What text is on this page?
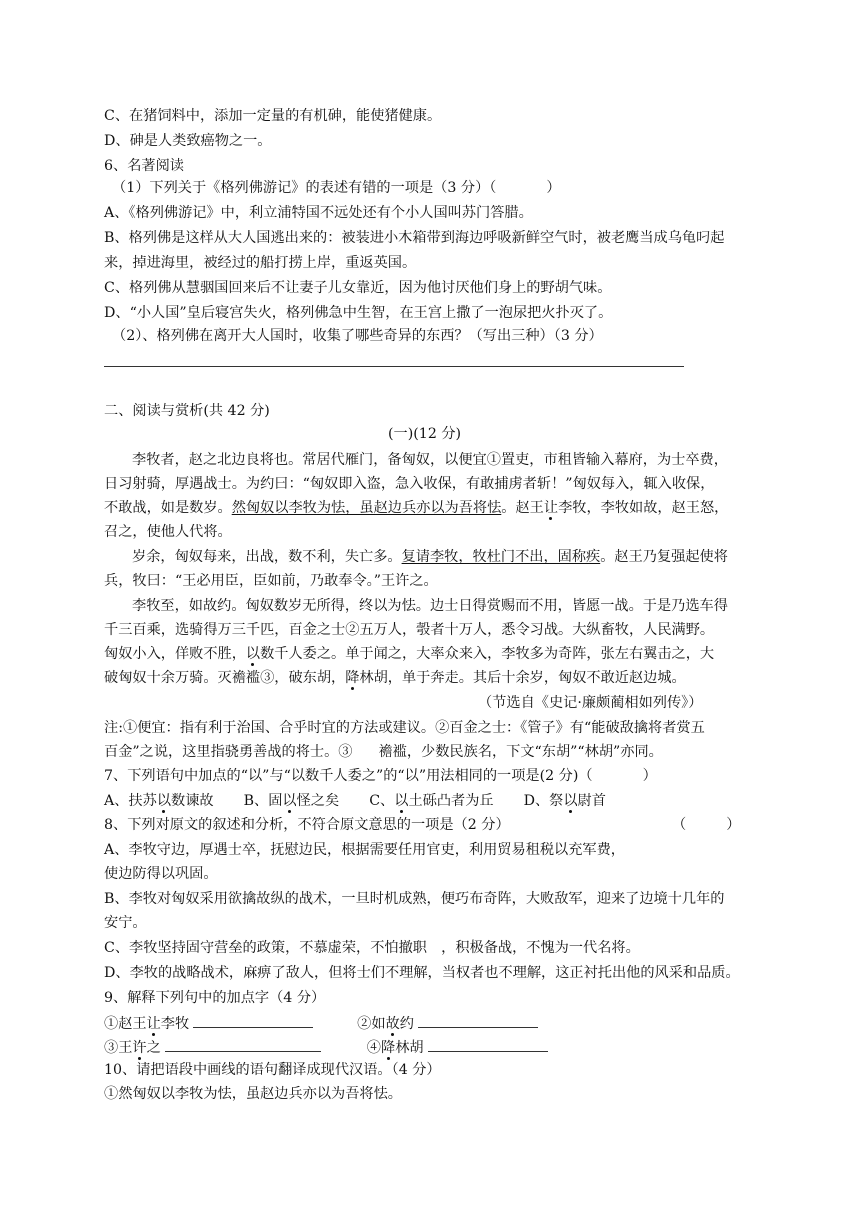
C、在猪饲料中，添加一定量的有机砷，能使猪健康。
D、砷是人类致癌物之一。
6、名著阅读
（1）下列关于《格列佛游记》的表述有错的一项是（3 分）（	）
A、《格列佛游记》中，利立浦特国不远处还有个小人国叫苏门答腊。
B、格列佛是这样从大人国逃出来的：被装进小木箱带到海边呼吸新鲜空气时，被老鹰当成乌龟叼起
来，掉进海里，被经过的船打捞上岸，重返英国。
C、格列佛从慧骃国回来后不让妻子儿女靠近，因为他讨厌他们身上的野胡气味。
D、“小人国”皇后寝宫失火，格列佛急中生智，在王宫上撒了一泡尿把火扑灭了。
（2）、格列佛在离开大人国时，收集了哪些奇异的东西？（写出三种）（3 分）
二、阅读与赏析(共 42 分)
(一)(12 分)
李牧者，赵之北边良将也。常居代雁门，备匈奴，以便宜①置吏，市租皆输入幕府，为士卒费，
日习射骑，厚遇战士。为约曰：“匈奴即入盗，急入收保，有敢捕虏者斩！”匈奴每入，辄入收保，
不敢战，如是数岁。然匈奴以李牧为怯，虽赵边兵亦以为吾将怯。赵王让李牧，李牧如故，赵王怒，
召之，使他人代将。
岁余，匈奴每来，出战，数不利，失亡多。复请李牧，牧杜门不出，固称疾。赵王乃复强起使将
兵，牧曰：“王必用臣，臣如前，乃敢奉令。”王许之。
李牧至，如故约。匈奴数岁无所得，终以为怯。边士日得赏赐而不用，皆愿一战。于是乃选车得
千三百乘，选骑得万三千匹，百金之士②五万人，彀者十万人，悉令习战。大纵畜牧，人民满野。
匈奴小入，佯败不胜，以数千人委之。单于闻之，大率众来入，李牧多为奇阵，张左右翼击之，大
破匈奴十余万骑。灭襜褴③，破东胡，降林胡，单于奔走。其后十余岁，匈奴不敢近赵边城。
（节选自《史记·廉颇蔺相如列传》）
注:①便宜：指有利于治国、合乎时宜的方法或建议。②百金之士：《管子》有“能破敌擒将者赏五
百金”之说，这里指骁勇善战的将士。③ 襜褴，少数民族名，下文“东胡”“林胡”亦同。
7、下列语句中加点的“以”与“以数千人委之”的“以”用法相同的一项是(2 分)（	）
A、扶苏以数谏故 B、固以怪之矣 C、以土砾凸者为丘 D、祭以尉首
8、下列对原文的叙述和分析，不符合原文意思的一项是（2 分）	（	）
A、李牧守边，厚遇士卒，抚慰边民，根据需要任用官吏，利用贸易租税以充军费，
使边防得以巩固。
B、李牧对匈奴采用欲擒故纵的战术，一旦时机成熟，便巧布奇阵，大败敌军，迎来了边境十几年的
安宁。
C、李牧坚持固守营垒的政策，不慕虚荣，不怕撤职　，积极备战，不愧为一代名将。
D、李牧的战略战术，麻痹了敌人，但将士们不理解，当权者也不理解，这正衬托出他的风采和品质。
9、解释下列句中的加点字（4 分）
①赵王让李牧	②如故约
③王许之	④降林胡
10、请把语段中画线的语句翻译成现代汉语。（4 分）
①然匈奴以李牧为怯，虽赵边兵亦以为吾将怯。
